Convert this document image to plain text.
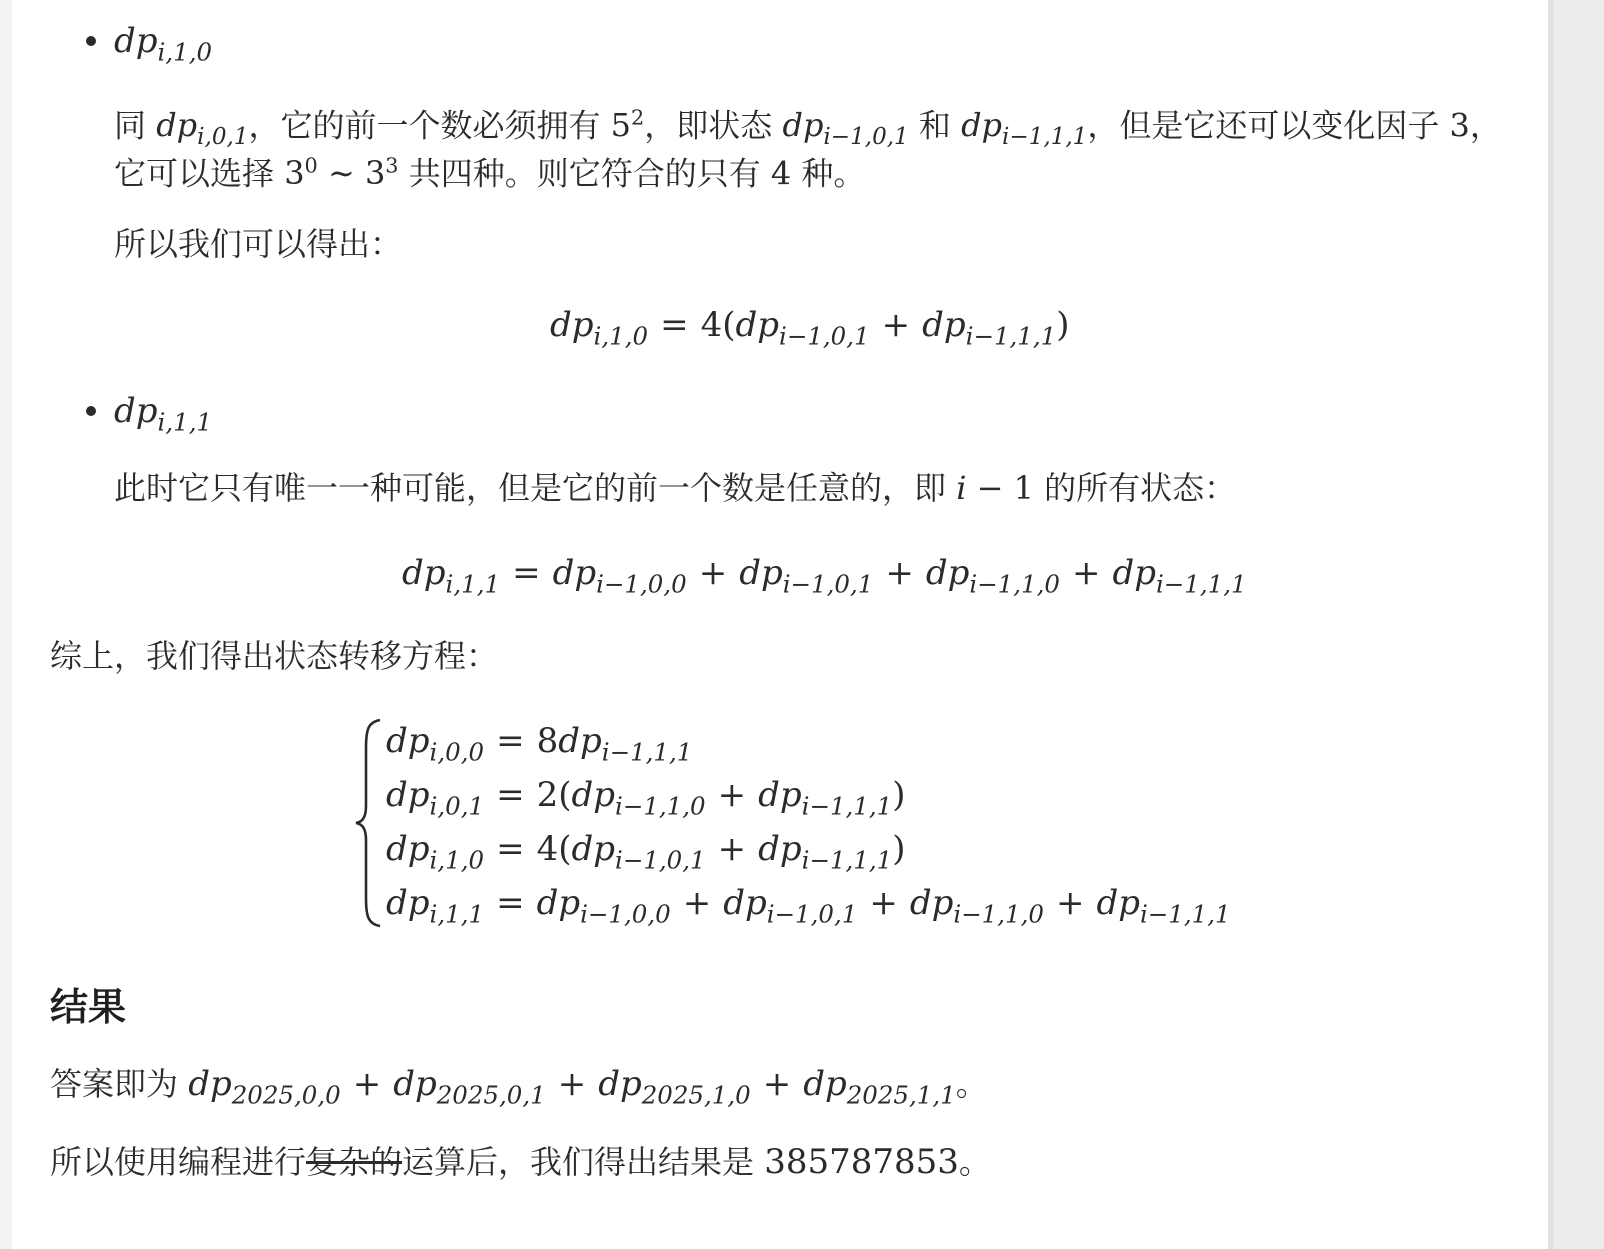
$dp_{i,1,0}$
同 $dp_{i,0,1}$，它的前一个数必须拥有 $5^2$，即状态 $dp_{i-1,0,1}$ 和 $dp_{i-1,1,1}$，但是它还可以变化因子 3，
它可以选择 $3^0$ ∼ $3^3$ 共四种。则它符合的只有 4 种。
所以我们可以得出：
$dp_{i,1,0} = 4(dp_{i-1,0,1} + dp_{i-1,1,1})$
$dp_{i,1,1}$
此时它只有唯一一种可能，但是它的前一个数是任意的，即 i − 1 的所有状态：
$dp_{i,1,1} = dp_{i-1,0,0} + dp_{i-1,0,1} + dp_{i-1,1,0} + dp_{i-1,1,1}$
综上，我们得出状态转移方程：
$dp_{i,0,0} = 8dp_{i-1,1,1}$
$dp_{i,0,1} = 2(dp_{i-1,1,0} + dp_{i-1,1,1})$
$dp_{i,1,0} = 4(dp_{i-1,0,1} + dp_{i-1,1,1})$
$dp_{i,1,1} = dp_{i-1,0,0} + dp_{i-1,0,1} + dp_{i-1,1,0} + dp_{i-1,1,1}$
结果
答案即为 $dp_{2025,0,0} + dp_{2025,0,1} + dp_{2025,1,0} + dp_{2025,1,1}$。
所以使用编程进行复杂的运算后，我们得出结果是 385787853。
